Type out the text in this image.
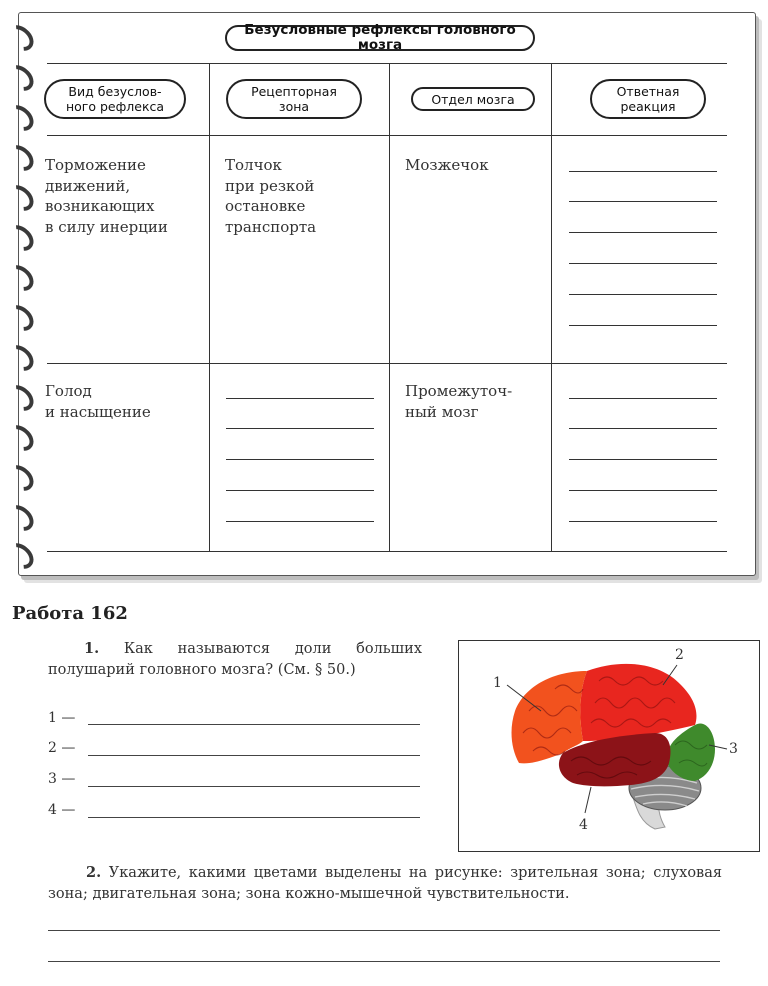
Безусловные рефлексы головного мозга
Вид безуслов-
ного рефлекса
Рецепторная
зона	Отдел мозга	Ответная
реакция
Торможение
движений,
возникающих
в силу инерции
Толчок
при резкой
остановке
транспорта
Мозжечок
Голод
и насыщение
Промежуточ-
ный мозг
Работа 162
1. Как называются доли больших полушарий головного мозга? (См. § 50.)
1 —
2 —
3 —
4 —
1
2
3
4
2. Укажите, какими цветами выделены на рисунке: зрительная зона; слуховая зона; двигательная зона; зона кожно-мышечной чувствительности.
